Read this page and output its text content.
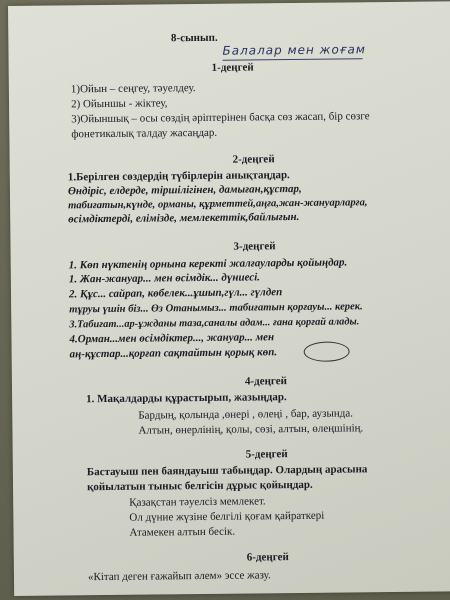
8-сынып.
Балалар мен жоғам
1-деңгей
1)Ойын – сеңгеу, тәуелдеу.
2) Ойыншы - жіктеу,
3)Ойыншық – осы сөздің әріптерінен басқа сөз жасап, бір сөзге
фонетикалық талдау жасаңдар.
2-деңгей
1.Берілген сөздердің түбірлерін анықтаңдар.
Өндіріс, елдерде, тіршілігінен, дамыған,құстар,
табиғатын,күнде, орманы, құрметтей,аңға,жан-жануарларға,
өсімдіктерді, елімізде, мемлекеттік,байлығын.
3-деңгей
1. Көп нүктенің орнына керекті жалғауларды қойыңдар.
1. Жан-жануар... мен өсімдік... дүниесі.
2. Құс... сайрап, көбелек...ұшып,гүл... гүлдеп
тұруы үшін біз... Өз Отанымыз... табиғатын қорғауы... керек.
3.Табиғат...ар-ұжданы таза,саналы адам... ғана қорғай алады.
4.Орман...мен өсімдіктер..., жануар... мен
аң-құстар...қорғап сақтайтын қорық көп.
4-деңгей
1. Мақалдарды құрастырып, жазыңдар.
Бардың, қолында ,өнері , өлеңі , бар, аузында.
Алтын, өнерлінің, қолы, сөзі, алтын, өлеңшінің.
5-деңгей
Бастауыш пен баяндауыш табыңдар. Олардың арасына
қойылатын тыныс белгісін дұрыс қойыңдар.
Қазақстан тәуелсіз мемлекет.
Ол дүние жүзіне белгілі қоғам қайраткері
Атамекен алтын бесік.
6-деңгей
«Кітап деген ғажайып әлем» эссе жазу.
